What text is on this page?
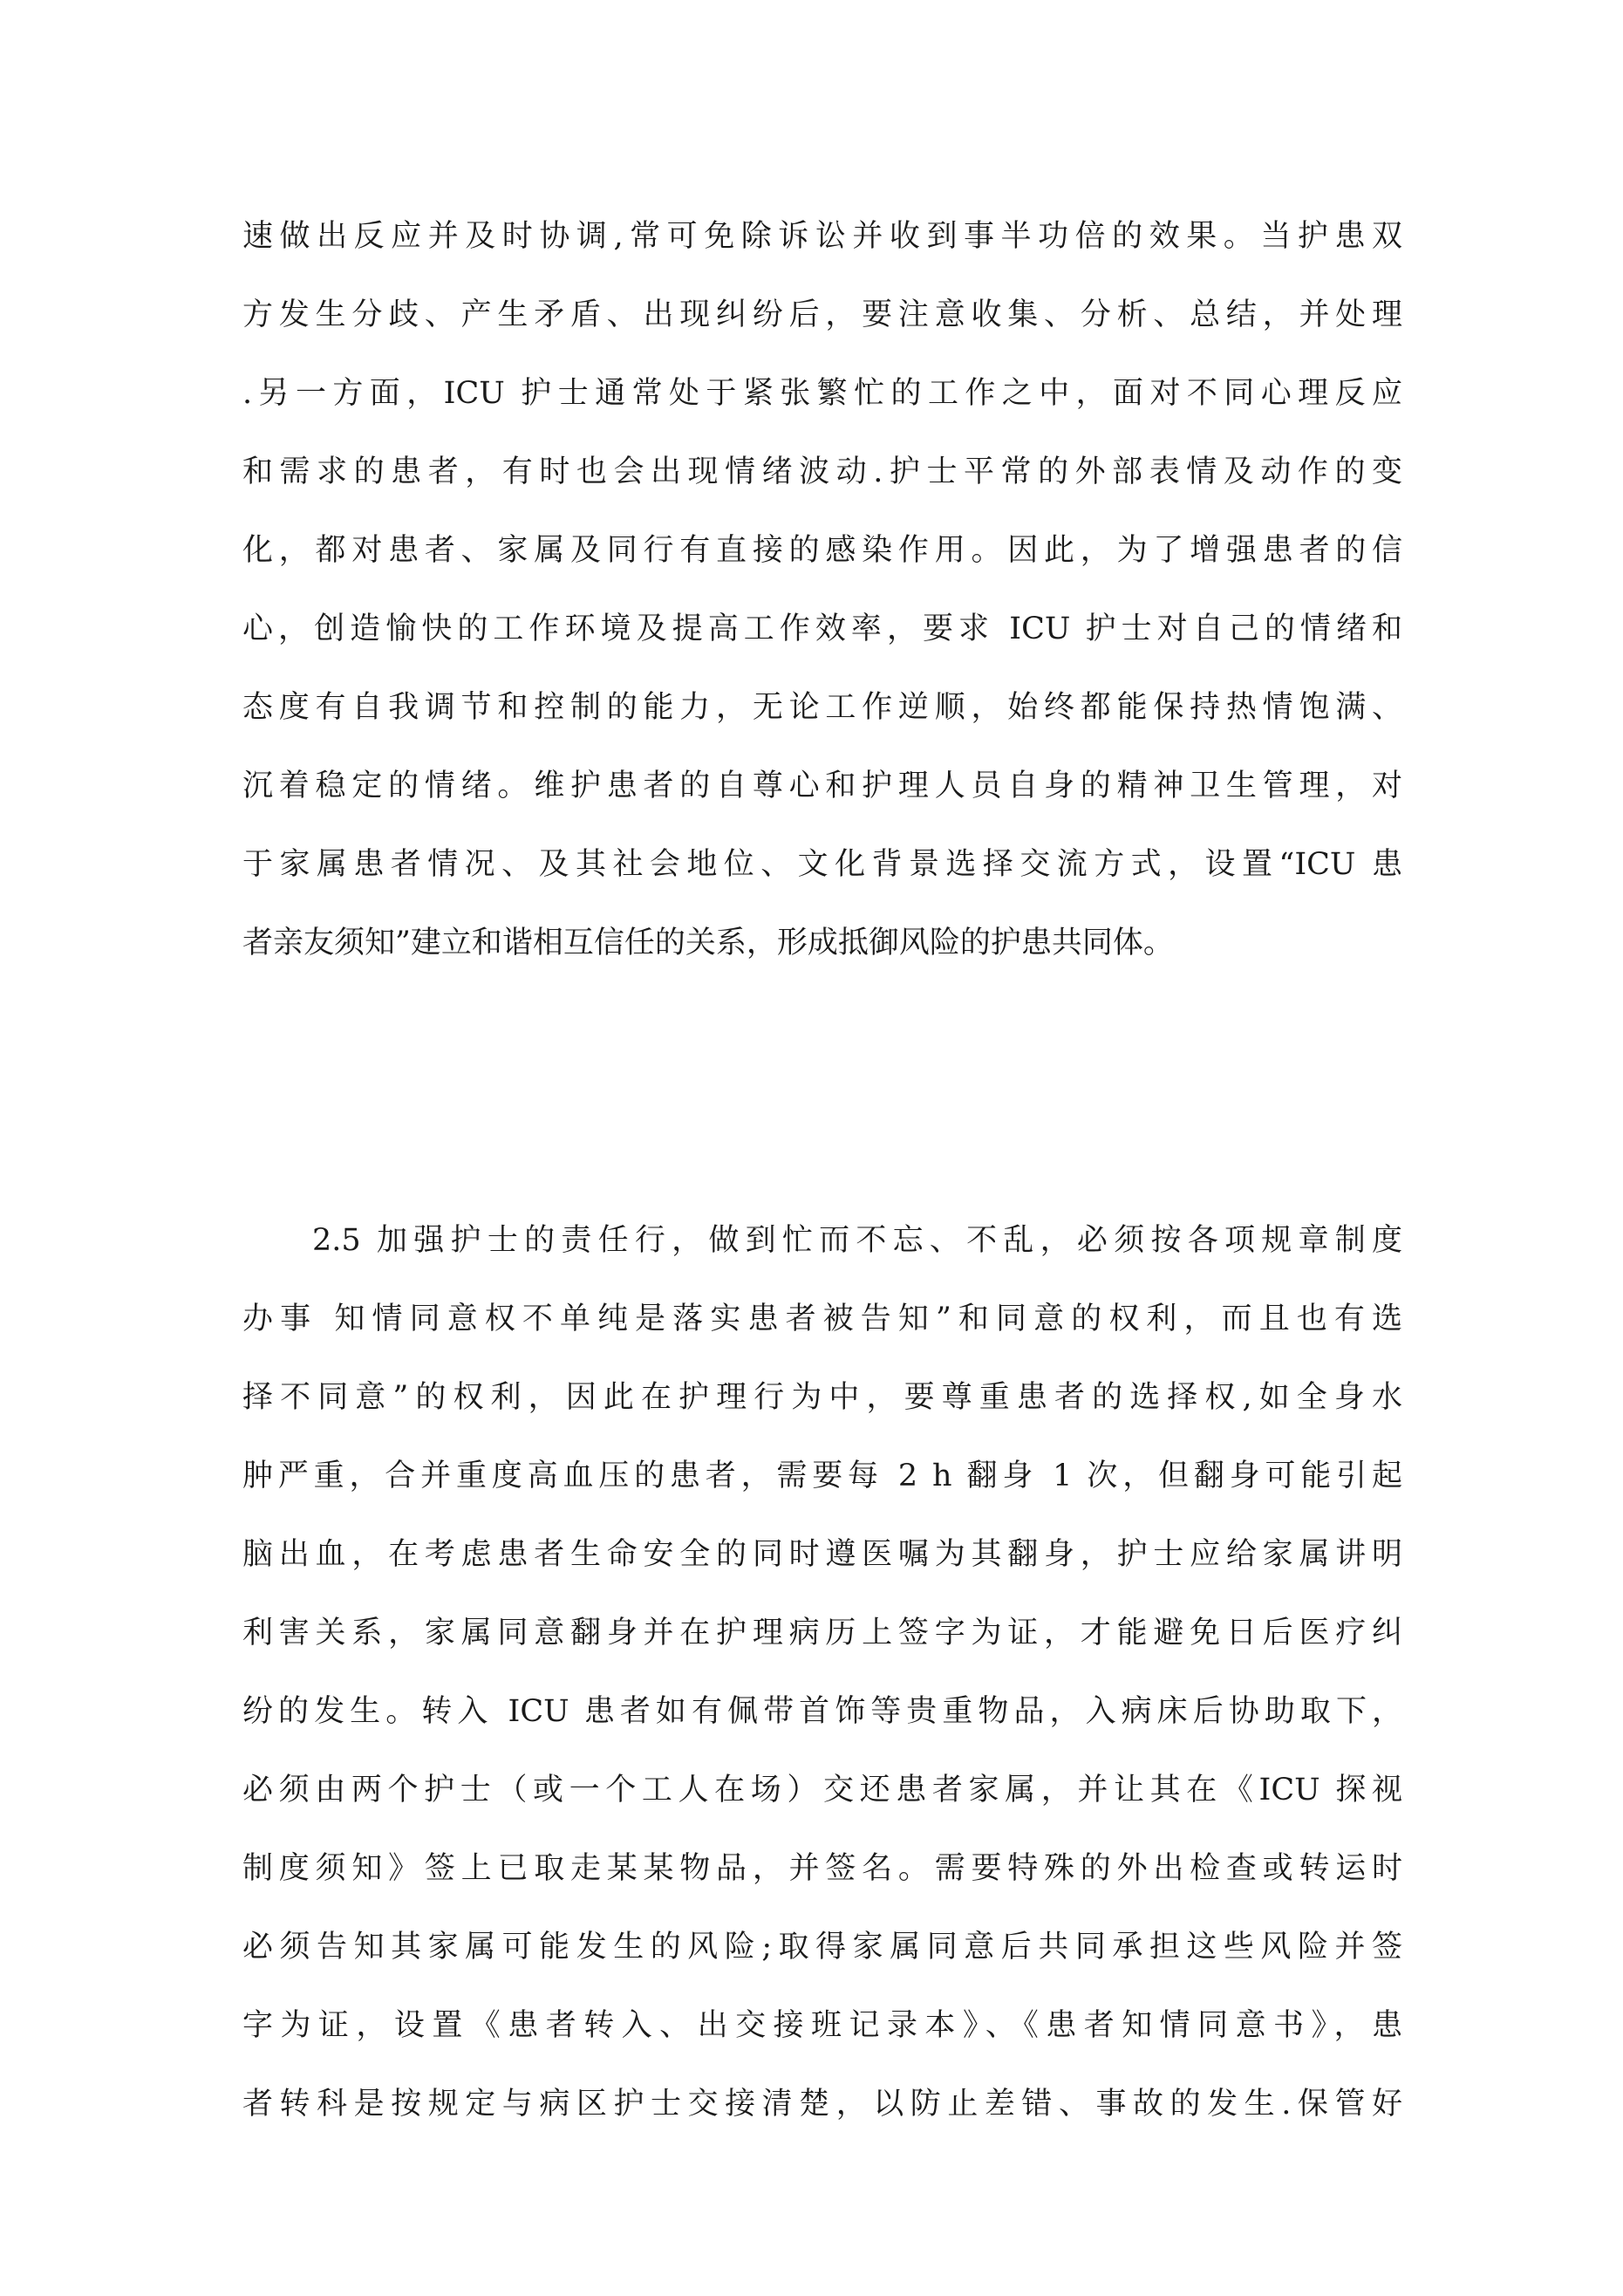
速做出反应并及时协调,常可免除诉讼并收到事半功倍的效果。当护患双
方发生分歧、产生矛盾、出现纠纷后，要注意收集、分析、总结，并处理
.另一方面，ICU 护士通常处于紧张繁忙的工作之中，面对不同心理反应
和需求的患者，有时也会出现情绪波动.护士平常的外部表情及动作的变
化，都对患者、家属及同行有直接的感染作用。因此，为了增强患者的信
心，创造愉快的工作环境及提高工作效率，要求 ICU 护士对自己的情绪和
态度有自我调节和控制的能力，无论工作逆顺，始终都能保持热情饱满、
沉着稳定的情绪。维护患者的自尊心和护理人员自身的精神卫生管理，对
于家属患者情况、及其社会地位、文化背景选择交流方式，设置“ICU 患
者亲友须知”建立和谐相互信任的关系，形成抵御风险的护患共同体。
2.5 加强护士的责任行，做到忙而不忘、不乱，必须按各项规章制度
办事 知情同意权不单纯是落实患者被告知”和同意的权利，而且也有选
择不同意”的权利，因此在护理行为中，要尊重患者的选择权,如全身水
肿严重，合并重度高血压的患者，需要每 2 h 翻身 1 次，但翻身可能引起
脑出血，在考虑患者生命安全的同时遵医嘱为其翻身，护士应给家属讲明
利害关系，家属同意翻身并在护理病历上签字为证，才能避免日后医疗纠
纷的发生。转入 ICU 患者如有佩带首饰等贵重物品，入病床后协助取下，
必须由两个护士（或一个工人在场）交还患者家属，并让其在《ICU 探视
制度须知》签上已取走某某物品，并签名。需要特殊的外出检查或转运时
必须告知其家属可能发生的风险;取得家属同意后共同承担这些风险并签
字为证，设置《患者转入、出交接班记录本》、《患者知情同意书》，患
者转科是按规定与病区护士交接清楚，以防止差错、事故的发生.保管好
